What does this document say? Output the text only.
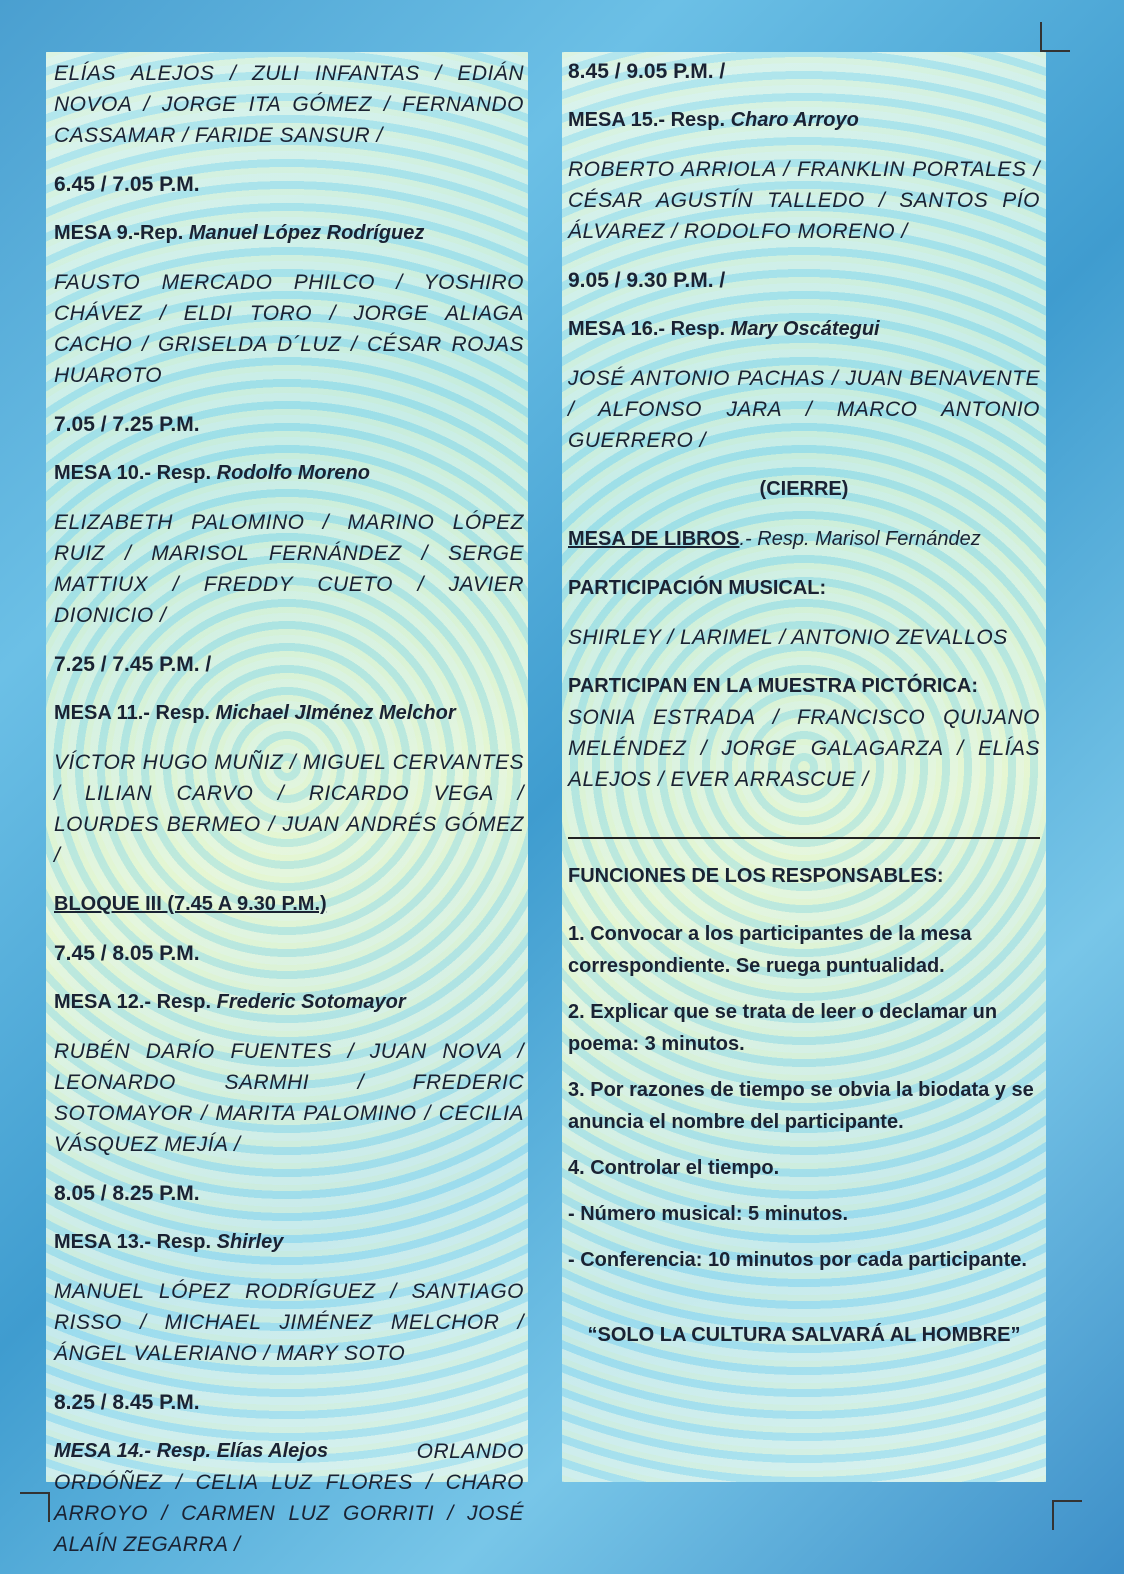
ELÍAS ALEJOS / ZULI INFANTAS / EDIÁN NOVOA / JORGE ITA GÓMEZ / FERNANDO CASSAMAR / FARIDE SANSUR /
6.45 / 7.05 P.M.
MESA 9.-Rep. Manuel López Rodríguez
FAUSTO MERCADO PHILCO / YOSHIRO CHÁVEZ / ELDI TORO / JORGE ALIAGA CACHO / GRISELDA D´LUZ / CÉSAR ROJAS HUAROTO
7.05 / 7.25 P.M.
MESA 10.- Resp. Rodolfo Moreno
ELIZABETH PALOMINO / MARINO LÓPEZ RUIZ / MARISOL FERNÁNDEZ / SERGE MATTIUX / FREDDY CUETO / JAVIER DIONICIO /
7.25 / 7.45 P.M. /
MESA 11.- Resp. Michael JIménez Melchor
VÍCTOR HUGO MUÑIZ / MIGUEL CERVANTES / LILIAN CARVO / RICARDO VEGA / LOURDES BERMEO / JUAN ANDRÉS GÓMEZ /
BLOQUE III (7.45 A 9.30 P.M.)
7.45 / 8.05 P.M.
MESA 12.- Resp. Frederic Sotomayor
RUBÉN DARÍO FUENTES / JUAN NOVA / LEONARDO SARMHI / FREDERIC SOTOMAYOR / MARITA PALOMINO / CECILIA VÁSQUEZ MEJÍA /
8.05 / 8.25 P.M.
MESA 13.- Resp. Shirley
MANUEL LÓPEZ RODRÍGUEZ / SANTIAGO RISSO / MICHAEL JIMÉNEZ MELCHOR / ÁNGEL VALERIANO / MARY SOTO
8.25 / 8.45 P.M.
MESA 14.- Resp. Elías Alejos	ORLANDO
ORDÓÑEZ / CELIA LUZ FLORES / CHARO ARROYO / CARMEN LUZ GORRITI / JOSÉ ALAÍN ZEGARRA /
8.45 / 9.05 P.M. /
MESA 15.- Resp. Charo Arroyo
ROBERTO ARRIOLA / FRANKLIN PORTALES / CÉSAR AGUSTÍN TALLEDO / SANTOS PÍO ÁLVAREZ / RODOLFO MORENO /
9.05 / 9.30 P.M. /
MESA 16.- Resp. Mary Oscátegui
JOSÉ ANTONIO PACHAS / JUAN BENAVENTE / ALFONSO JARA / MARCO ANTONIO GUERRERO /
(CIERRE)
MESA DE LIBROS.- Resp. Marisol Fernández
PARTICIPACIÓN MUSICAL:
SHIRLEY / LARIMEL / ANTONIO ZEVALLOS
PARTICIPAN EN LA MUESTRA PICTÓRICA:
SONIA ESTRADA / FRANCISCO QUIJANO MELÉNDEZ / JORGE GALAGARZA / ELÍAS ALEJOS / EVER ARRASCUE /
FUNCIONES DE LOS RESPONSABLES:
1. Convocar a los participantes de la mesa correspondiente. Se ruega puntualidad.
2. Explicar que se trata de leer o declamar un poema: 3 minutos.
3. Por razones de tiempo se obvia la biodata y se anuncia el nombre del participante.
4. Controlar el tiempo.
- Número musical: 5 minutos.
- Conferencia: 10 minutos por cada participante.
“SOLO LA CULTURA SALVARÁ AL HOMBRE”
